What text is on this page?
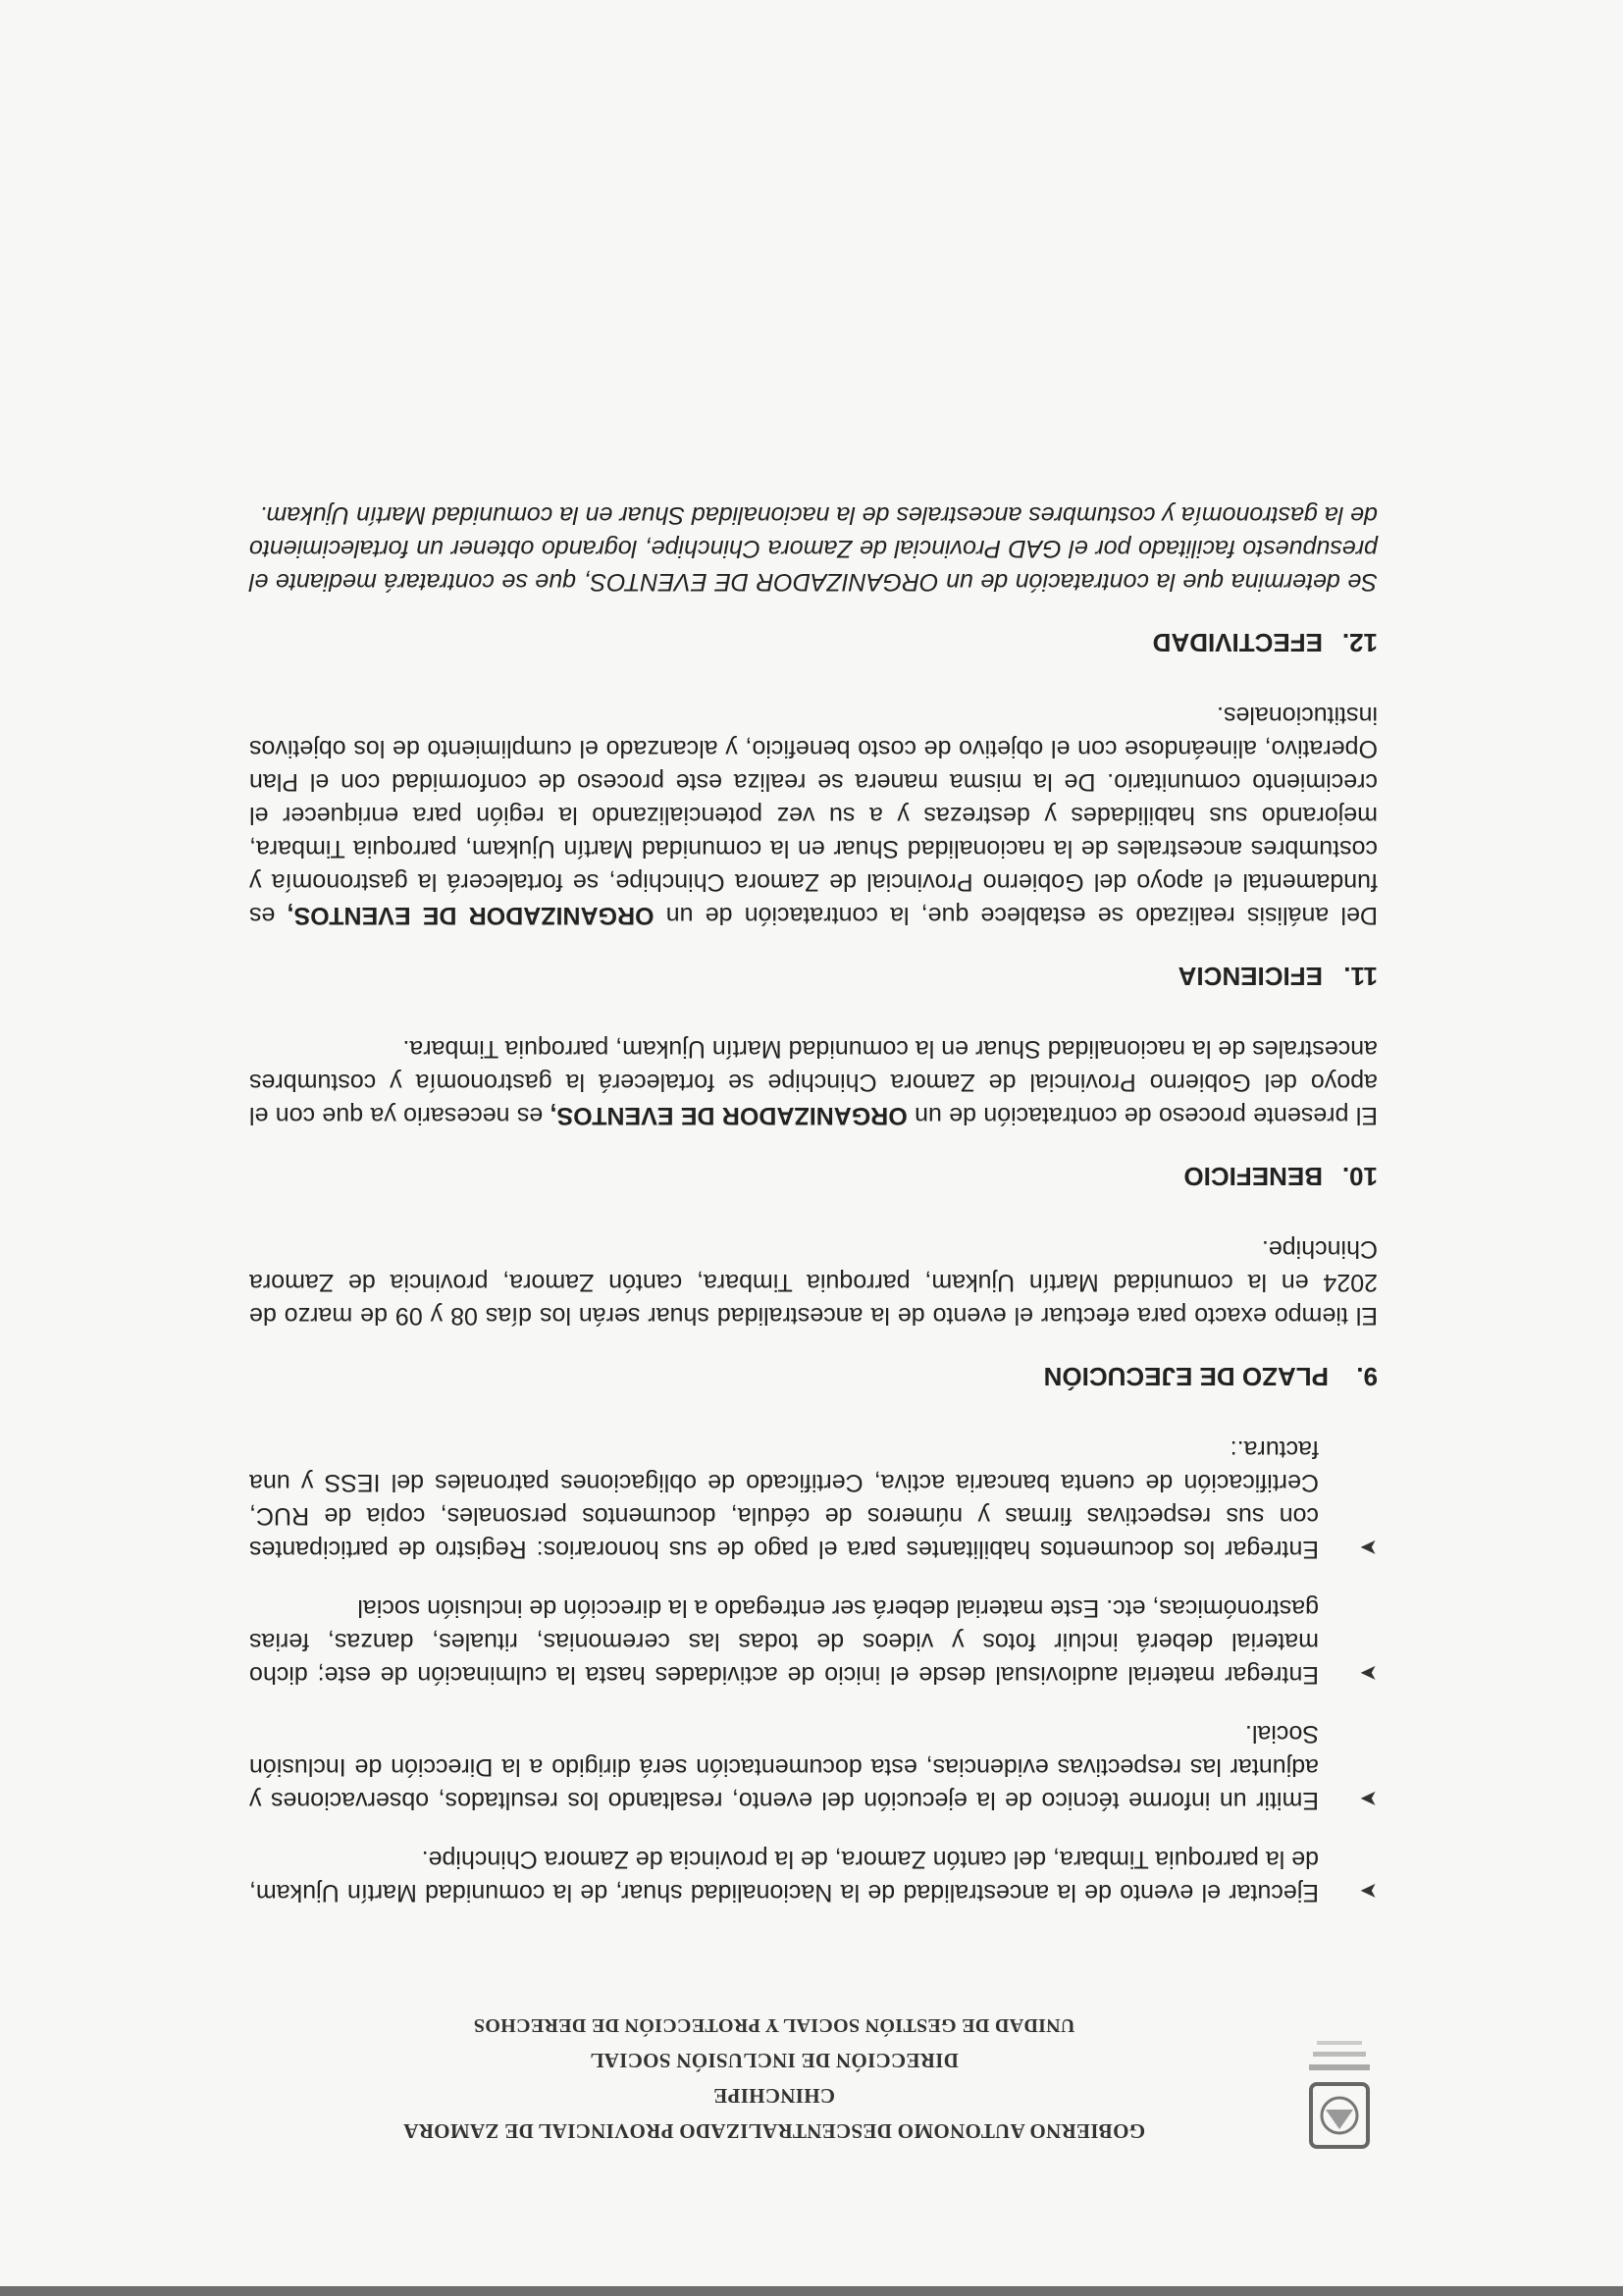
GOBIERNO AUTONOMO DESCENTRALIZADO PROVINCIAL DE ZAMORA
CHINCHIPE
DIRECCIÓN DE INCLUSIÓN SOCIAL
UNIDAD DE GESTIÓN SOCIAL Y PROTECCIÓN DE DERECHOS
➤
Ejecutar el evento de la ancestralidad de la Nacionalidad shuar, de la comunidad Martín Ujukam, de la parroquia Timbara, del cantón Zamora, de la provincia de Zamora Chinchipe.
➤
Emitir un informe técnico de la ejecución del evento, resaltando los resultados, observaciones y adjuntar las respectivas evidencias, esta documentación será dirigido a la Dirección de Inclusión Social.
➤
Entregar material audiovisual desde el inicio de actividades hasta la culminación de este; dicho material deberá incluir fotos y videos de todas las ceremonias, rituales, danzas, ferias gastronómicas, etc. Este material deberá ser entregado a la dirección de inclusión social
➤
Entregar los documentos habilitantes para el pago de sus honorarios: Registro de participantes con sus respectivas firmas y números de cédula, documentos personales, copia de RUC, Certificación de cuenta bancaria activa, Certificado de obligaciones patronales del IESS y una factura.:
9.PLAZO DE EJECUCIÓN

El tiempo exacto para efectuar el evento de la ancestralidad shuar serán los días 08 y 09 de marzo de 2024 en la comunidad Martín Ujukam, parroquia Timbara, cantón Zamora, provincia de Zamora Chinchipe.

10.BENEFICIO

El presente proceso de contratación de un ORGANIZADOR DE EVENTOS, es necesario ya que con el apoyo del Gobierno Provincial de Zamora Chinchipe se fortalecerá la gastronomía y costumbres ancestrales de la nacionalidad Shuar en la comunidad Martín Ujukam, parroquia Timbara.

11.EFICIENCIA

Del análisis realizado se establece que, la contratación de un ORGANIZADOR DE EVENTOS, es fundamental el apoyo del Gobierno Provincial de Zamora Chinchipe, se fortalecerá la gastronomía y costumbres ancestrales de la nacionalidad Shuar en la comunidad Martín Ujukam, parroquia Timbara, mejorando sus habilidades y destrezas y a su vez potencializando la región para enriquecer el crecimiento comunitario. De la misma manera se realiza este proceso de conformidad con el Plan Operativo, alineándose con el objetivo de costo beneficio, y alcanzado el cumplimiento de los objetivos institucionales.

12.EFECTIVIDAD

Se determina que la contratación de un ORGANIZADOR DE EVENTOS, que se contratará mediante el presupuesto facilitado por el GAD Provincial de Zamora Chinchipe, logrando obtener un fortalecimiento de la gastronomía y costumbres ancestrales de la nacionalidad Shuar en la comunidad Martín Ujukam.
